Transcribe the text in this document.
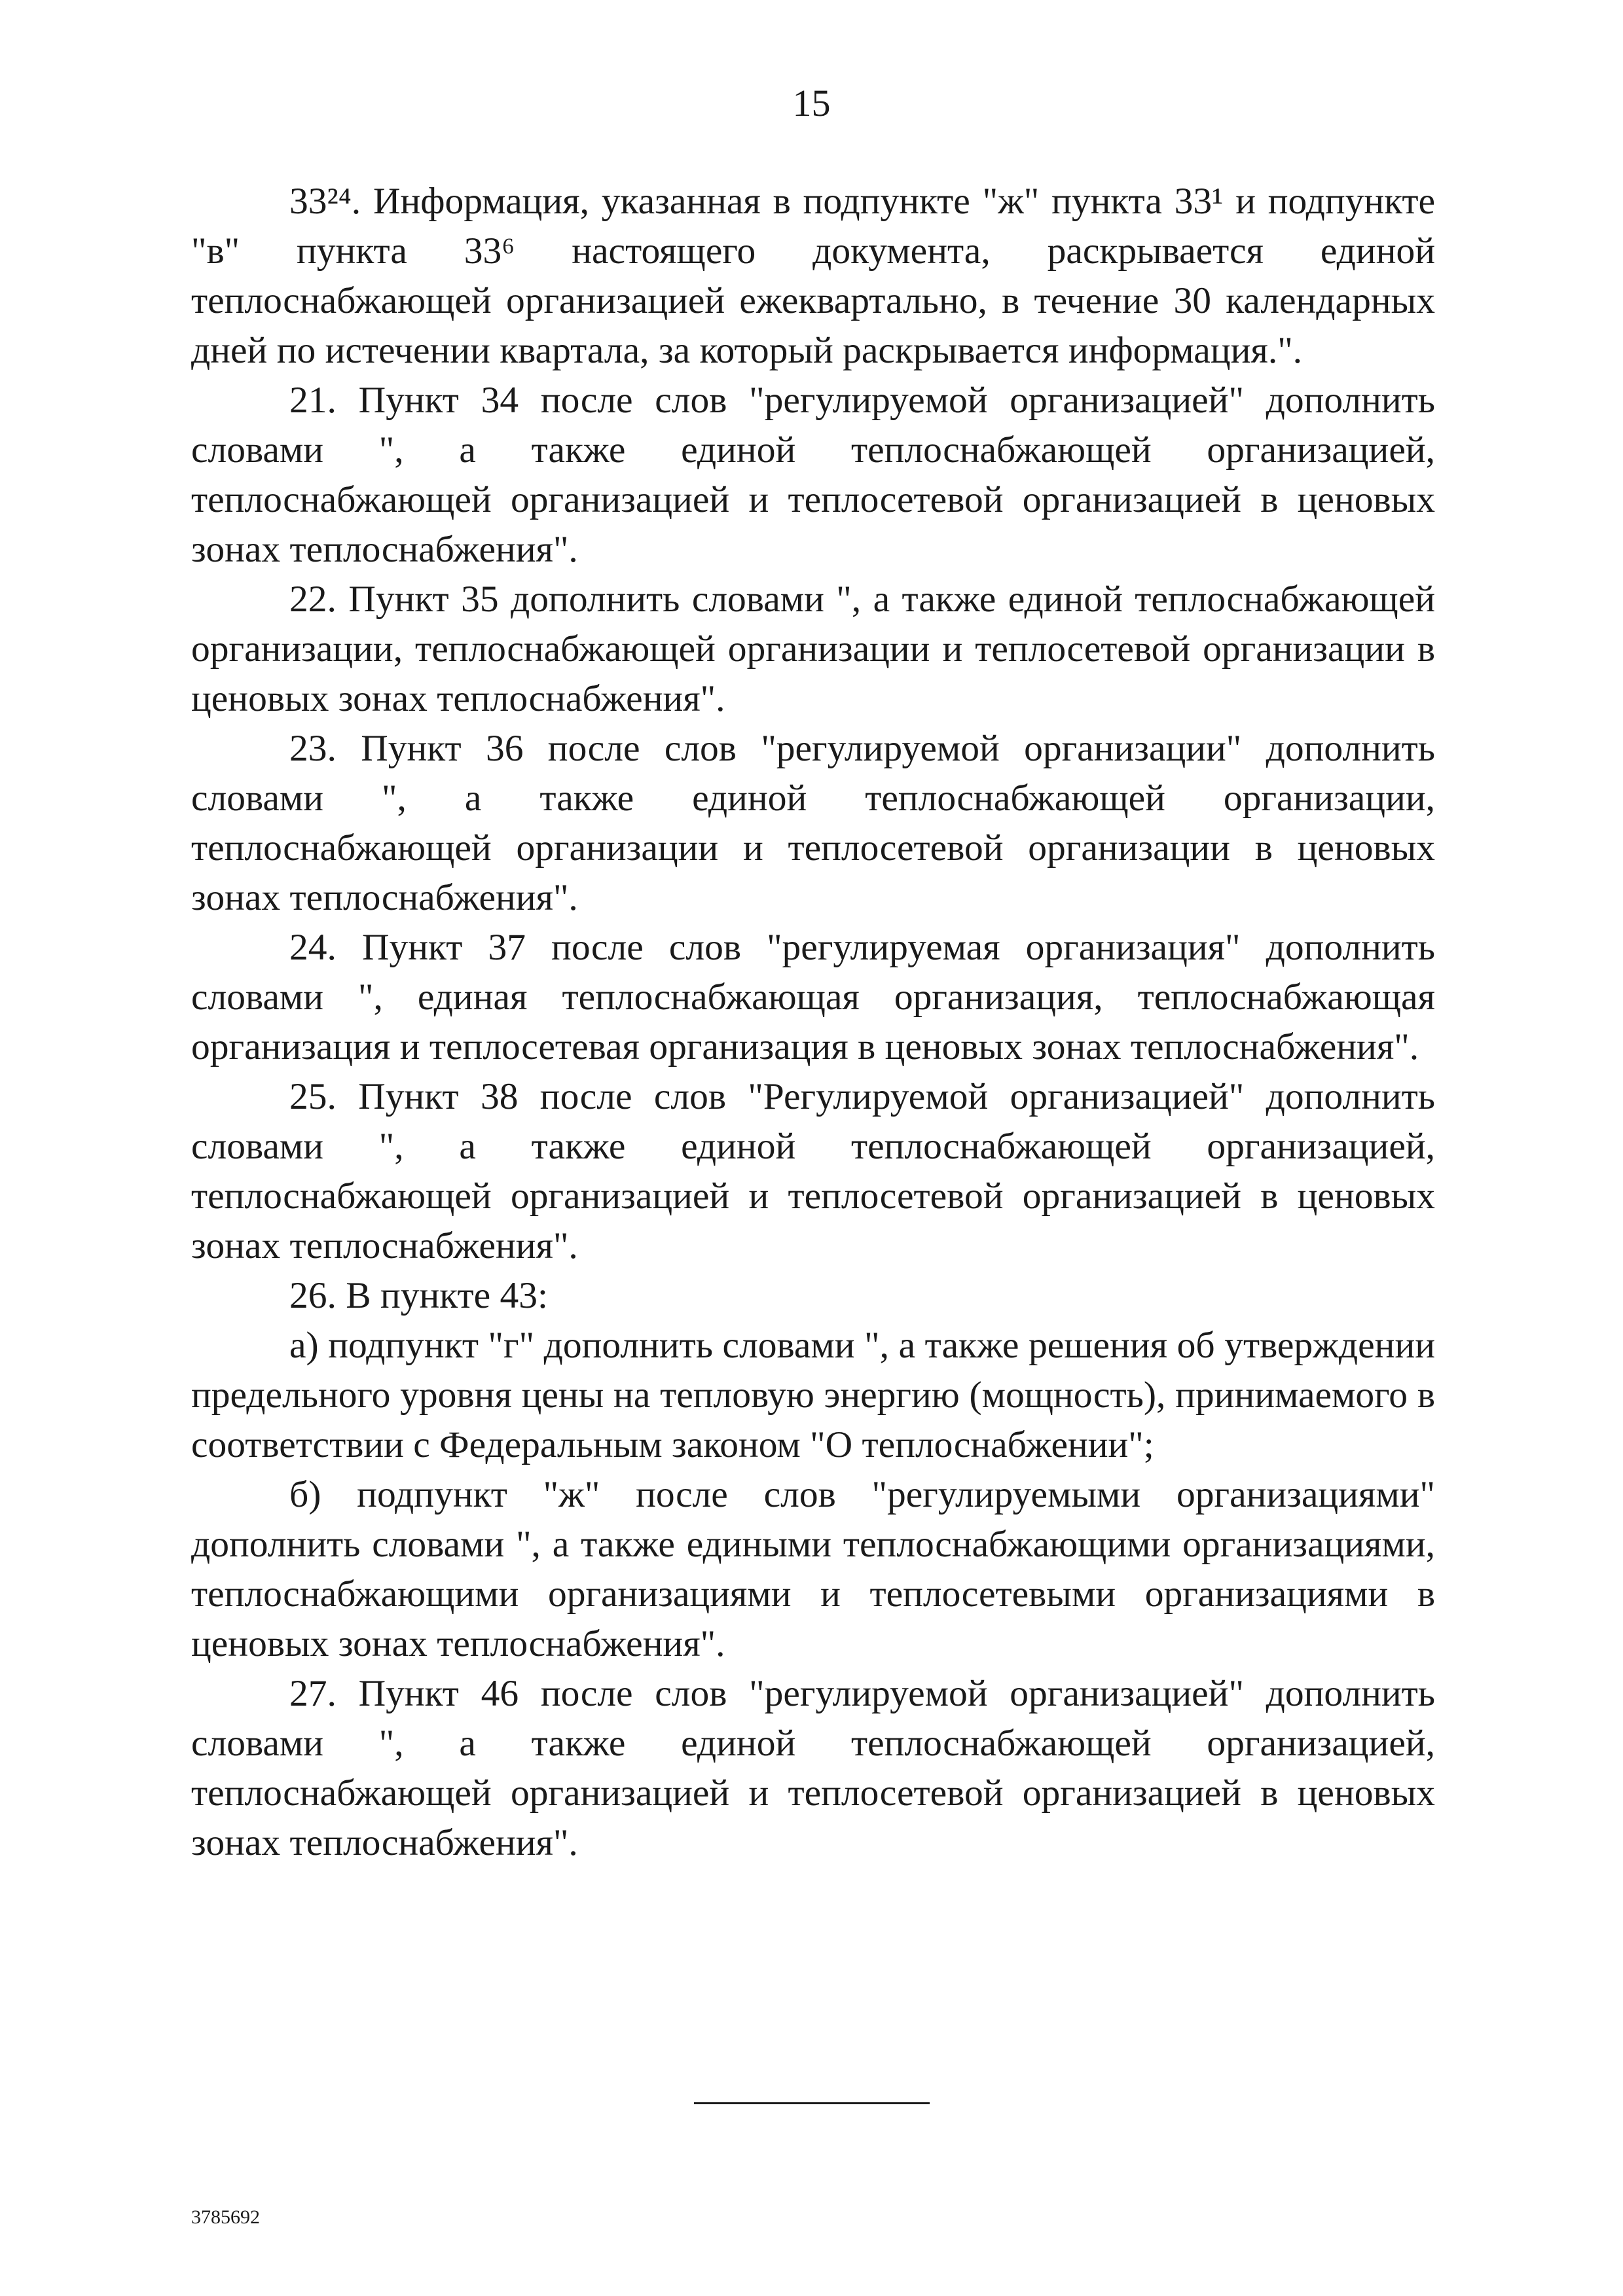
15

33²⁴. Информация, указанная в подпункте "ж" пункта 33¹ и подпункте "в" пункта 33⁶ настоящего документа, раскрывается единой теплоснабжающей организацией ежеквартально, в течение 30 календарных дней по истечении квартала, за который раскрывается информация.".

21. Пункт 34 после слов "регулируемой организацией" дополнить словами ", а также единой теплоснабжающей организацией, теплоснабжающей организацией и теплосетевой организацией в ценовых зонах теплоснабжения".

22. Пункт 35 дополнить словами ", а также единой теплоснабжающей организации, теплоснабжающей организации и теплосетевой организации в ценовых зонах теплоснабжения".

23. Пункт 36 после слов "регулируемой организации" дополнить словами ", а также единой теплоснабжающей организации, теплоснабжающей организации и теплосетевой организации в ценовых зонах теплоснабжения".

24. Пункт 37 после слов "регулируемая организация" дополнить словами ", единая теплоснабжающая организация, теплоснабжающая организация и теплосетевая организация в ценовых зонах теплоснабжения".

25. Пункт 38 после слов "Регулируемой организацией" дополнить словами ", а также единой теплоснабжающей организацией, теплоснабжающей организацией и теплосетевой организацией в ценовых зонах теплоснабжения".

26. В пункте 43:

а) подпункт "г" дополнить словами ", а также решения об утверждении предельного уровня цены на тепловую энергию (мощность), принимаемого в соответствии с Федеральным законом "О теплоснабжении";

б) подпункт "ж" после слов "регулируемыми организациями" дополнить словами ", а также едиными теплоснабжающими организациями, теплоснабжающими организациями и теплосетевыми организациями в ценовых зонах теплоснабжения".

27. Пункт 46 после слов "регулируемой организацией" дополнить словами ", а также единой теплоснабжающей организацией, теплоснабжающей организацией и теплосетевой организацией в ценовых зонах теплоснабжения".

3785692
